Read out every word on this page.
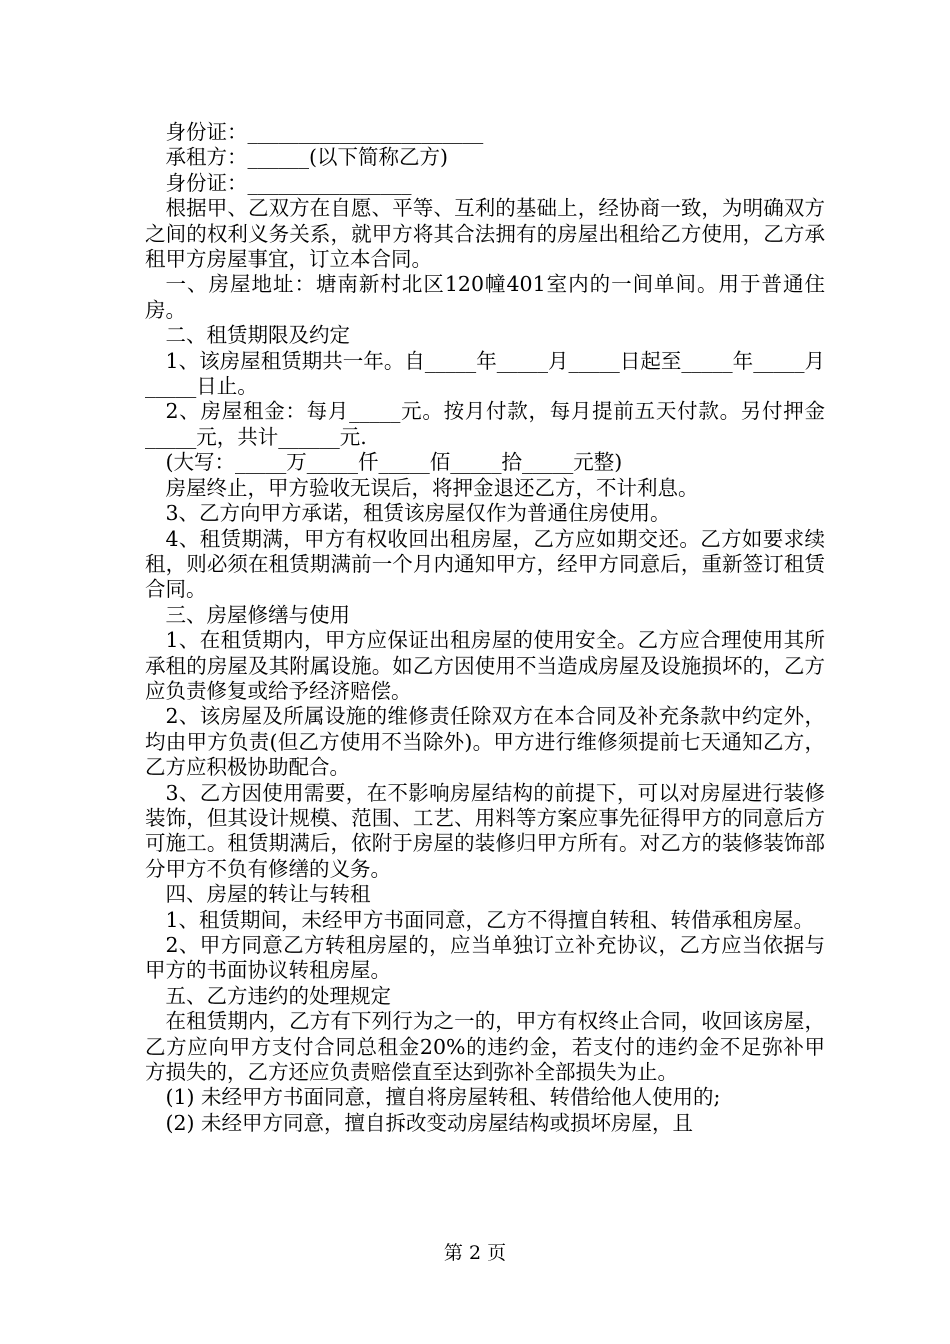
身份证：_______________________

承租方：______(以下简称乙方)

身份证：________________

根据甲、乙双方在自愿、平等、互利的基础上，经协商一致，为明确双方之间的权利义务关系，就甲方将其合法拥有的房屋出租给乙方使用，乙方承租甲方房屋事宜，订立本合同。

一、房屋地址：塘南新村北区120幢401室内的一间单间。用于普通住房。

二、租赁期限及约定

1、该房屋租赁期共一年。自_____年_____月_____日起至_____年_____月_____日止。

2、房屋租金：每月_____元。按月付款，每月提前五天付款。另付押金_____元，共计______元.

(大写：_____万_____仟_____佰_____拾_____元整)

房屋终止，甲方验收无误后，将押金退还乙方，不计利息。

3、乙方向甲方承诺，租赁该房屋仅作为普通住房使用。

4、租赁期满，甲方有权收回出租房屋，乙方应如期交还。乙方如要求续租，则必须在租赁期满前一个月内通知甲方，经甲方同意后，重新签订租赁合同。

三、房屋修缮与使用

1、在租赁期内，甲方应保证出租房屋的使用安全。乙方应合理使用其所承租的房屋及其附属设施。如乙方因使用不当造成房屋及设施损坏的，乙方应负责修复或给予经济赔偿。

2、该房屋及所属设施的维修责任除双方在本合同及补充条款中约定外，均由甲方负责(但乙方使用不当除外)。甲方进行维修须提前七天通知乙方，乙方应积极协助配合。

3、乙方因使用需要，在不影响房屋结构的前提下，可以对房屋进行装修装饰，但其设计规模、范围、工艺、用料等方案应事先征得甲方的同意后方可施工。租赁期满后，依附于房屋的装修归甲方所有。对乙方的装修装饰部分甲方不负有修缮的义务。

四、房屋的转让与转租

1、租赁期间，未经甲方书面同意，乙方不得擅自转租、转借承租房屋。

2、甲方同意乙方转租房屋的，应当单独订立补充协议，乙方应当依据与甲方的书面协议转租房屋。

五、乙方违约的处理规定

在租赁期内，乙方有下列行为之一的，甲方有权终止合同，收回该房屋，乙方应向甲方支付合同总租金20%的违约金，若支付的违约金不足弥补甲方损失的，乙方还应负责赔偿直至达到弥补全部损失为止。

(1) 未经甲方书面同意，擅自将房屋转租、转借给他人使用的;

(2) 未经甲方同意，擅自拆改变动房屋结构或损坏房屋，且

第 2 页
